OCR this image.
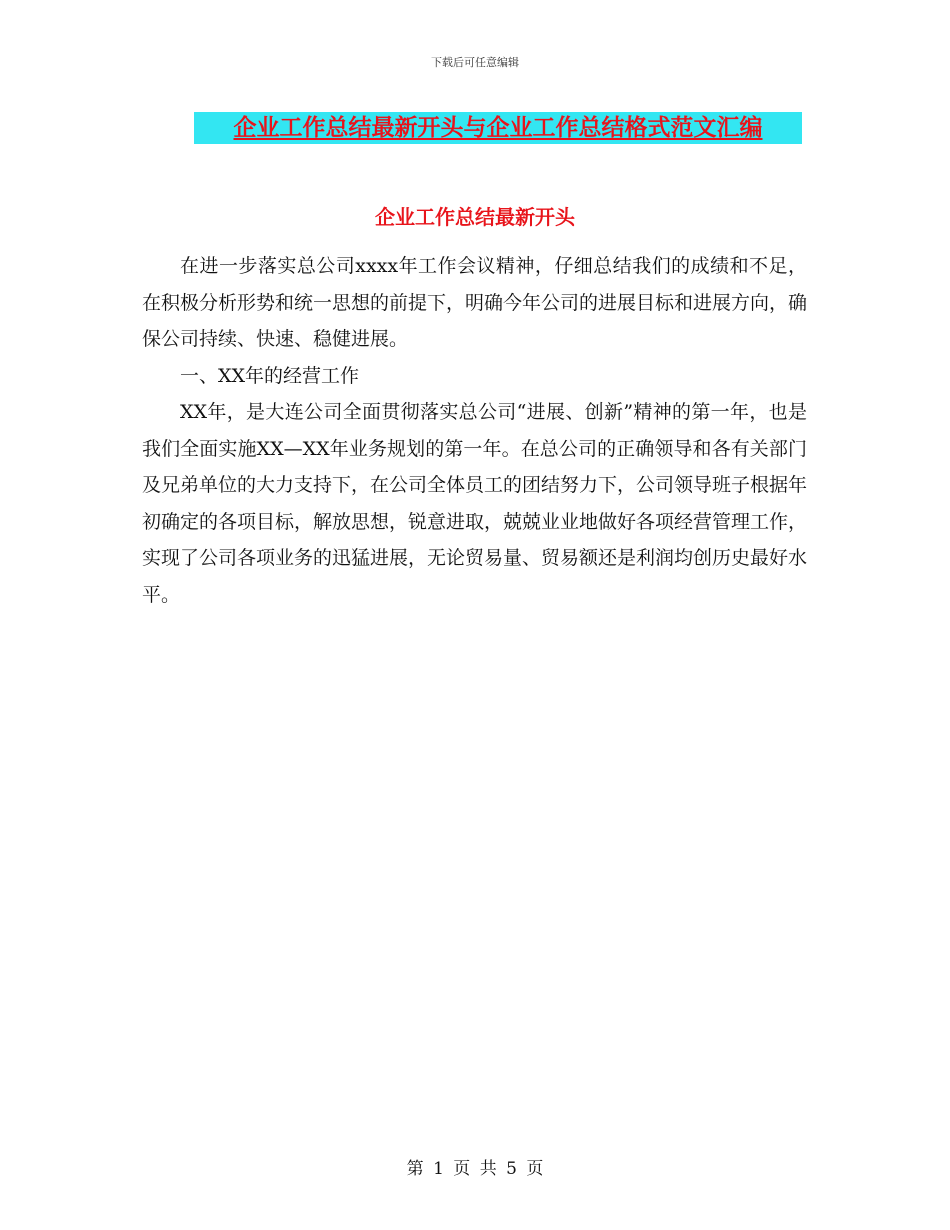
下载后可任意编辑
企业工作总结最新开头与企业工作总结格式范文汇编
企业工作总结最新开头

在进一步落实总公司xxxx年工作会议精神，仔细总结我们的成绩和不足，在积极分析形势和统一思想的前提下，明确今年公司的进展目标和进展方向，确保公司持续、快速、稳健进展。

一、XX年的经营工作

XX年，是大连公司全面贯彻落实总公司“进展、创新”精神的第一年，也是我们全面实施XX—XX年业务规划的第一年。在总公司的正确领导和各有关部门及兄弟单位的大力支持下，在公司全体员工的团结努力下，公司领导班子根据年初确定的各项目标，解放思想，锐意进取，兢兢业业地做好各项经营管理工作，实现了公司各项业务的迅猛进展，无论贸易量、贸易额还是利润均创历史最好水平。

第 1 页 共 5 页
